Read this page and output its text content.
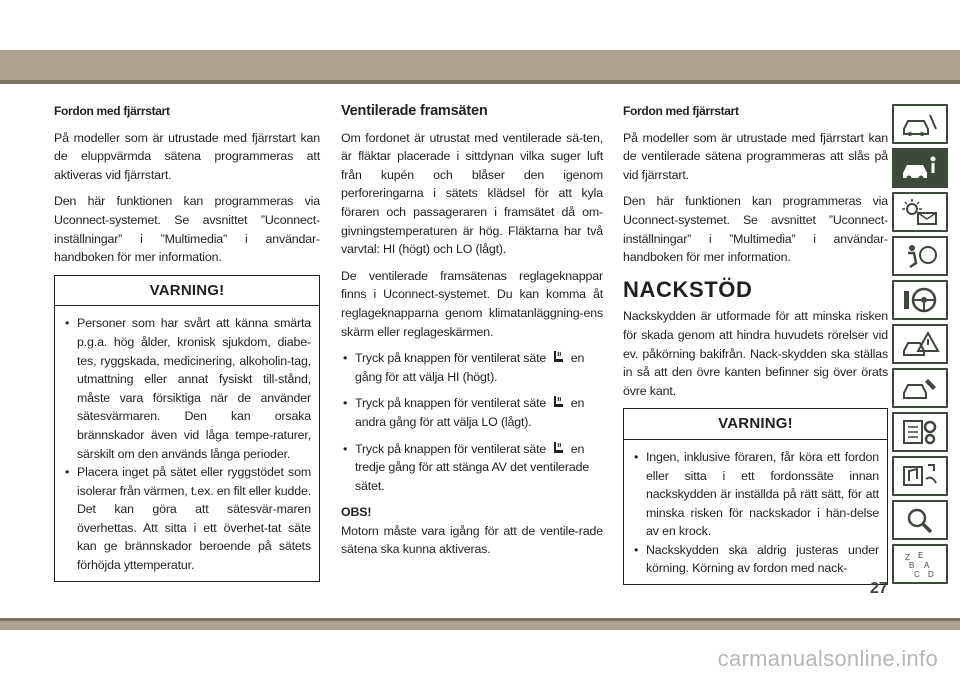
Fordon med fjärrstart

På modeller som är utrustade med fjärrstart kan de eluppvärmda sätena programmeras att aktiveras vid fjärrstart.

Den här funktionen kan programmeras via Uconnect-systemet. Se avsnittet ”Uconnect-inställningar” i ”Multimedia” i användar-handboken för mer information.

VARNING!
• Personer som har svårt att känna smärta p.g.a. hög ålder, kronisk sjukdom, diabe-tes, ryggskada, medicinering, alkoholin-tag, utmattning eller annat fysiskt till-stånd, måste vara försiktiga när de använder sätesvärmaren. Den kan orsaka brännskador även vid låga tempe-raturer, särskilt om den används långa perioder.
• Placera inget på sätet eller ryggstödet som isolerar från värmen, t.ex. en filt eller kudde. Det kan göra att sätesvär-maren överhettas. Att sitta i ett överhet-tat säte kan ge brännskador beroende på sätets förhöjda yttemperatur.
Ventilerade framsäten

Om fordonet är utrustat med ventilerade sä-ten, är fläktar placerade i sittdynan vilka suger luft från kupén och blåser den igenom perforeringarna i sätets klädsel för att kyla föraren och passageraren i framsätet då om-givningstemperaturen är hög. Fläktarna har två varvtal: HI (högt) och LO (lågt).

De ventilerade framsätenas reglageknappar finns i Uconnect-systemet. Du kan komma åt reglageknapparna genom klimatanläggning-ens skärm eller reglageskärmen.

• Tryck på knappen för ventilerat säte en gång för att välja HI (högt).
• Tryck på knappen för ventilerat säte en andra gång för att välja LO (lågt).
• Tryck på knappen för ventilerat säte en tredje gång för att stänga AV det ventilerade sätet.
OBS!

Motorn måste vara igång för att de ventile-rade sätena ska kunna aktiveras.

Fordon med fjärrstart

På modeller som är utrustade med fjärrstart kan de ventilerade sätena programmeras att slås på vid fjärrstart.

Den här funktionen kan programmeras via Uconnect-systemet. Se avsnittet ”Uconnect-inställningar” i ”Multimedia” i användar-handboken för mer information.

NACKSTÖD

Nackskydden är utformade för att minska risken för skada genom att hindra huvudets rörelser vid ev. påkörning bakifrån. Nack-skydden ska ställas in så att den övre kanten befinner sig över örats övre kant.

VARNING!
• Ingen, inklusive föraren, får köra ett fordon eller sitta i ett fordonssäte innan nackskydden är inställda på rätt sätt, för att minska risken för nackskador i hän-delse av en krock.
• Nackskydden ska aldrig justeras under körning. Körning av fordon med nack-
Z E
B A
C D
27
carmanualsonline.info
